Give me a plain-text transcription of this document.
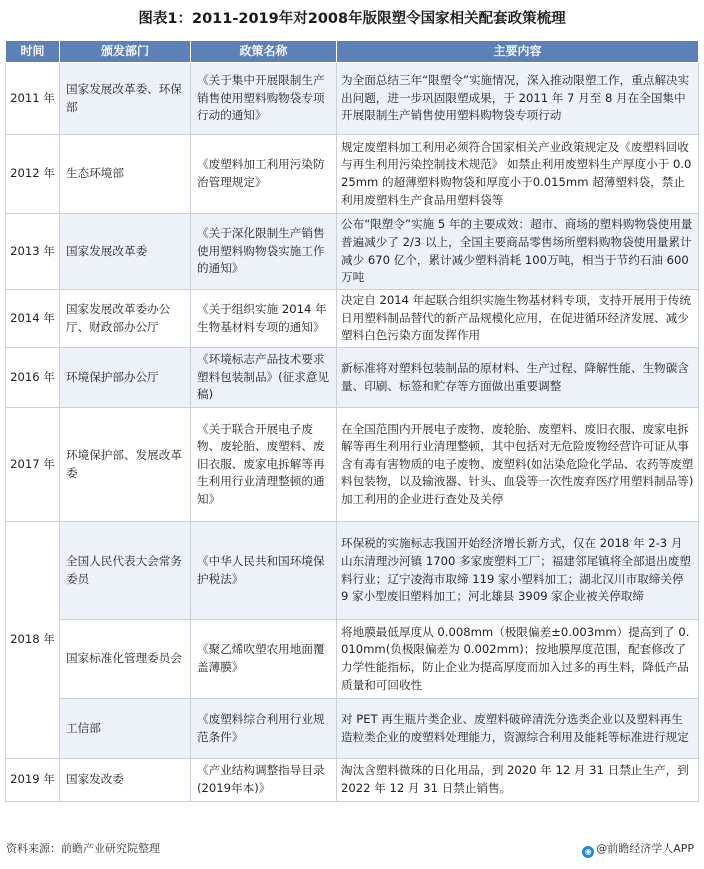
图表1：2011-2019年对2008年版限塑令国家相关配套政策梳理
时间	颁发部门	政策名称	主要内容
2011 年	国家发展改革委、环保部	《关于集中开展限制生产销售使用塑料购物袋专项行动的通知》	为全面总结三年“限塑令”实施情况，深入推动限塑工作，重点解决实出问题，进一步巩固限塑成果，于 2011 年 7 月至 8 月在全国集中开展限制生产销售使用塑料购物袋专项行动
2012 年	生态环境部	《废塑料加工利用污染防治管理规定》	规定废塑料加工利用必须符合国家相关产业政策规定及《废塑料回收与再生利用污染控制技术规范》 如禁止利用废塑料生产厚度小于 0.025mm 的超薄塑料购物袋和厚度小于0.015mm 超薄塑料袋，禁止利用废塑料生产食品用塑料袋等
2013 年	国家发展改革委	《关于深化限制生产销售使用塑料购物袋实施工作的通知》	公布“限塑令”实施 5 年的主要成效：超市、商场的塑料购物袋使用量普遍减少了 2/3 以上，全国主要商品零售场所塑料购物袋使用量累计减少 670 亿个，累计减少塑料消耗 100万吨，相当于节约石油 600 万吨
2014 年	国家发展改革委办公厅、财政部办公厅	《关于组织实施 2014 年生物基材料专项的通知》	决定自 2014 年起联合组织实施生物基材料专项，支持开展用于传统日用塑料制品替代的新产品规模化应用，在促进循环经济发展、减少塑料白色污染方面发挥作用
2016 年	环境保护部办公厅	《环境标志产品技术要求塑料包装制品》(征求意见稿)	新标准将对塑料包装制品的原材料、生产过程、降解性能、生物碳含量、印刷、标签和贮存等方面做出重要调整
2017 年	环境保护部、发展改革委	《关于联合开展电子废物、废轮胎、废塑料、废旧衣服、废家电拆解等再生利用行业清理整顿的通知》	在全国范围内开展电子废物、废轮胎、废塑料、废旧衣服、废家电拆解等再生利用行业清理整顿，其中包括对无危险废物经营许可证从事含有毒有害物质的电子废物、废塑料(如沾染危险化学品、农药等废塑料包装物，以及输液器、针头、血袋等一次性废弃医疗用塑料制品等)加工利用的企业进行查处及关停
2018 年	全国人民代表大会常务委员	《中华人民共和国环境保护税法》	环保税的实施标志我国开始经济增长新方式，仅在 2018 年 2-3 月山东清理沙河镇 1700 多家废塑料工厂；福建邻尾镇将全部退出废塑料行业；辽宁凌海市取缔 119 家小塑料加工；湖北汉川市取缔关停 9 家小型废旧塑料加工；河北雄县 3909 家企业被关停取缔
	国家标准化管理委员会	《聚乙烯吹塑农用地面覆盖薄膜》	将地膜最低厚度从 0.008mm（极限偏差±0.003mm）提高到了 0.010mm(负极限偏差为 0.002mm)；按地膜厚度范围，配套修改了力学性能指标，防止企业为提高厚度而加入过多的再生料，降低产品质量和可回收性
	工信部	《废塑料综合利用行业规范条件》	对 PET 再生瓶片类企业、废塑料破碎清洗分选类企业以及塑料再生造粒类企业的废塑料处理能力，资源综合利用及能耗等标准进行规定
2019 年	国家发改委	《产业结构调整指导目录(2019年本)》	淘汰含塑料微珠的日化用品，到 2020 年 12 月 31 日禁止生产，到 2022 年 12 月 31 日禁止销售。
资料来源：前瞻产业研究院整理	◉ @前瞻经济学人APP
